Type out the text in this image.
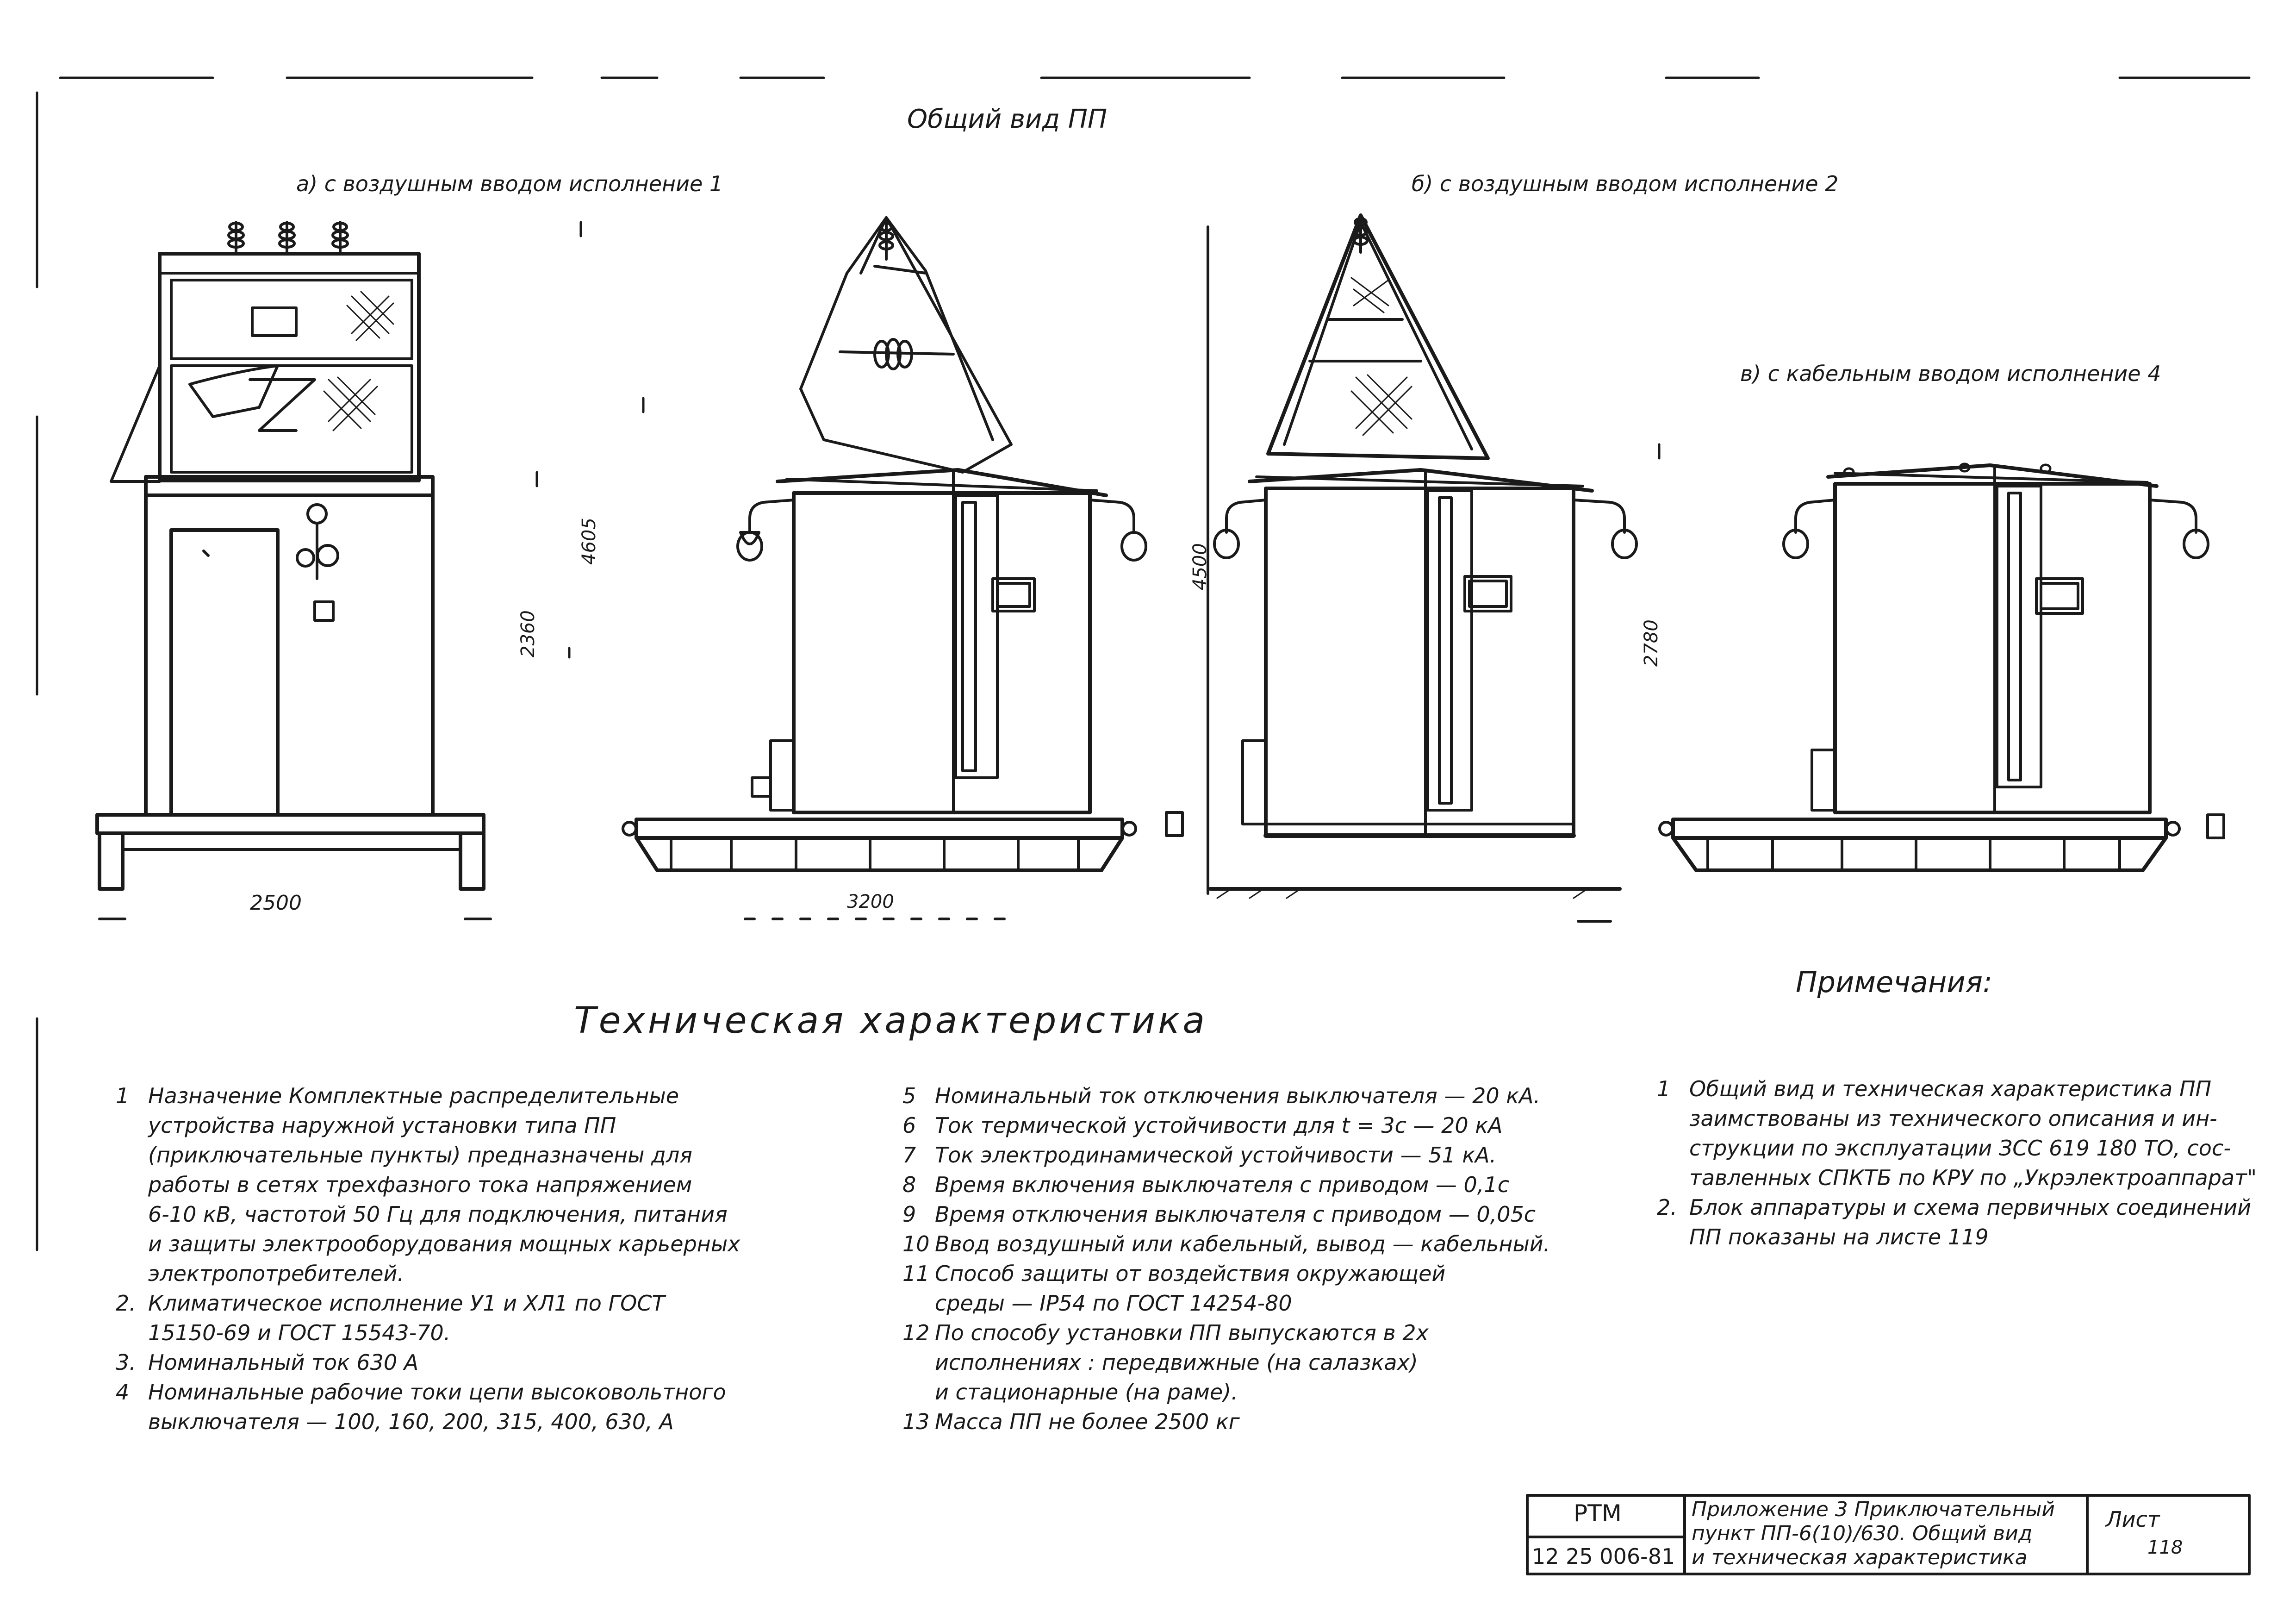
Общий вид ПП
а) с воздушным вводом исполнение 1	б) с воздушным вводом исполнение 2
в) с кабельным вводом исполнение 4
2360
2500
4605
3200
4500
2780
Техническая характеристика
Примечания:
1 Назначение Комплектные распределительные
устройства наружной установки типа ПП
(приключательные пункты) предназначены для
работы в сетях трехфазного тока напряжением
6-10 кВ, частотой 50 Гц для подключения, питания
и защиты электрооборудования мощных карьерных
электропотребителей.
2. Климатическое исполнение У1 и ХЛ1 по ГОСТ
15150-69 и ГОСТ 15543-70.
3. Номинальный ток 630 А
4 Номинальные рабочие токи цепи высоковольтного
выключателя — 100, 160, 200, 315, 400, 630, А
5 Номинальный ток отключения выключателя — 20 кА.
6 Ток термической устойчивости для t = 3с — 20 кА
7 Ток электродинамической устойчивости — 51 кА.
8 Время включения выключателя с приводом — 0,1с
9 Время отключения выключателя с приводом — 0,05с
10 Ввод воздушный или кабельный, вывод — кабельный.
11 Способ защиты от воздействия окружающей
среды — IP54 по ГОСТ 14254-80
12 По способу установки ПП выпускаются в 2х
исполнениях : передвижные (на салазках)
и стационарные (на раме).
13 Масса ПП не более 2500 кг
1 Общий вид и техническая характеристика ПП
заимствованы из технического описания и ин-
струкции по эксплуатации ЗСС 619 180 ТО, сос-
тавленных СПКТБ по КРУ по „Укрэлектроаппарат"
2. Блок аппаратуры и схема первичных соединений
ПП показаны на листе 119
РТМ
12 25 006-81
Приложение 3 Приключательный
пункт ПП-6(10)/630. Общий вид
и техническая характеристика
Лист
118
